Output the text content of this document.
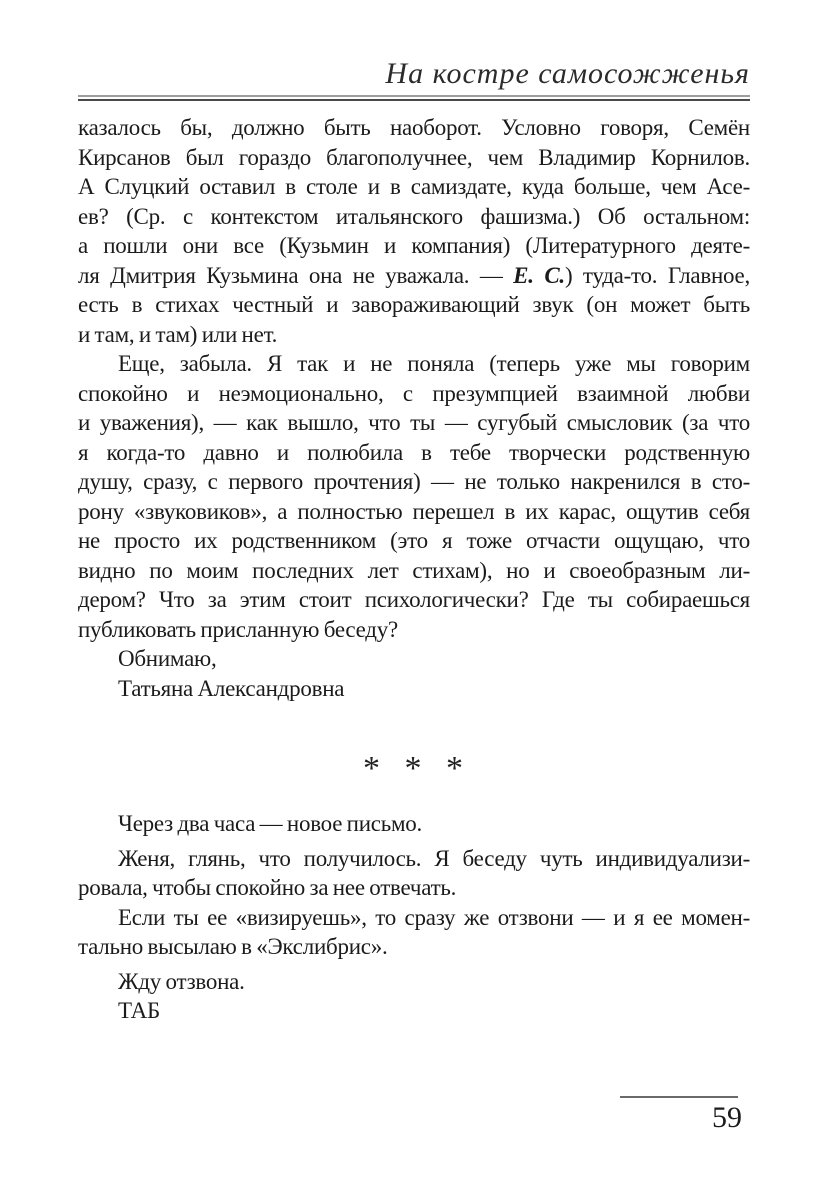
На костре самосожженья
казалось бы, должно быть наоборот. Условно говоря, Семён
Кирсанов был гораздо благополучнее, чем Владимир Корнилов.
А Слуцкий оставил в столе и в самиздате, куда больше, чем Асе-
ев? (Ср. с контекстом итальянского фашизма.) Об остальном:
а пошли они все (Кузьмин и компания) (Литературного деяте-
ля Дмитрия Кузьмина она не уважала. — Е. С.) туда-то. Главное,
есть в стихах честный и завораживающий звук (он может быть
и там, и там) или нет.
Еще, забыла. Я так и не поняла (теперь уже мы говорим
спокойно и неэмоционально, с презумпцией взаимной любви
и уважения), — как вышло, что ты — сугубый смысловик (за что
я когда-то давно и полюбила в тебе творчески родственную
душу, сразу, с первого прочтения) — не только накренился в сто-
рону «звуковиков», а полностью перешел в их карас, ощутив себя
не просто их родственником (это я тоже отчасти ощущаю, что
видно по моим последних лет стихам), но и своеобразным ли-
дером? Что за этим стоит психологически? Где ты собираешься
публиковать присланную беседу?
Обнимаю,
Татьяна Александровна
* * *
Через два часа — новое письмо.
Женя, глянь, что получилось. Я беседу чуть индивидуализи-
ровала, чтобы спокойно за нее отвечать.
Если ты ее «визируешь», то сразу же отзвони — и я ее момен-
тально высылаю в «Экслибрис».
Жду отзвона.
ТАБ
59
